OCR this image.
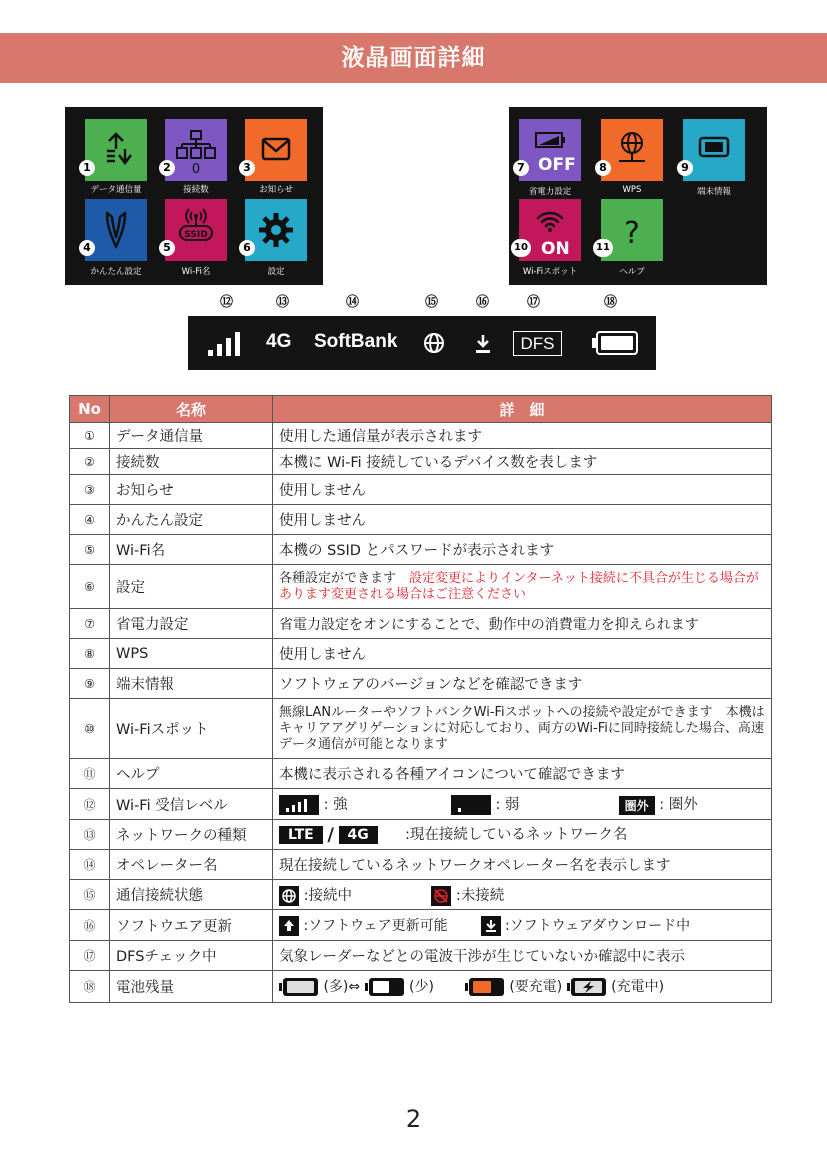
液晶画面詳細
1
データ通信量
0
2
接続数
3
お知らせ
4
かんたん設定
SSID
5
Wi-Fi名
6
設定
OFF
7
省電力設定
8
WPS
9
端末情報
ON
10
Wi-Fiスポット
?
11
ヘルプ
⑫	⑬	⑭	⑮	⑯	⑰	⑱
4G SoftBank	DFS
No	名称	詳　細
①	データ通信量	使用した通信量が表示されます
②	接続数	本機に Wi-Fi 接続しているデバイス数を表します
③	お知らせ	使用しません
④	かんたん設定	使用しません
⑤	Wi-Fi名	本機の SSID とパスワードが表示されます
⑥	設定	各種設定ができます　 設定変更によりインターネット接続に不具合が生じる場合があります変更される場合はご注意ください
⑦	省電力設定	省電力設定をオンにすることで、動作中の消費電力を抑えられます
⑧	WPS	使用しません
⑨	端末情報	ソフトウェアのバージョンなどを確認できます
⑩	Wi-Fiスポット	無線LANルーターやソフトバンクWi-Fiスポットへの接続や設定ができます　本機はキャリアアグリゲーションに対応しており、両方のWi-Fiに同時接続した場合、高速データ通信が可能となります
⑪	ヘルプ	本機に表示される各種アイコンについて確認できます
⑫	Wi-Fi 受信レベル	: 強 : 弱 圏外 : 圏外
⑬	ネットワークの種類	LTE / 4G :現在接続しているネットワーク名
⑭	オペレーター名	現在接続しているネットワークオペレーター名を表示します
⑮	通信接続状態	:接続中 :未接続
⑯	ソフトウエア更新	:ソフトウェア更新可能 :ソフトウェアダウンロード中
⑰	DFSチェック中	気象レーダーなどとの電波干渉が生じていないか確認中に表示
⑱	電池残量	(多)⇔ (少) (要充電) (充電中)
2
